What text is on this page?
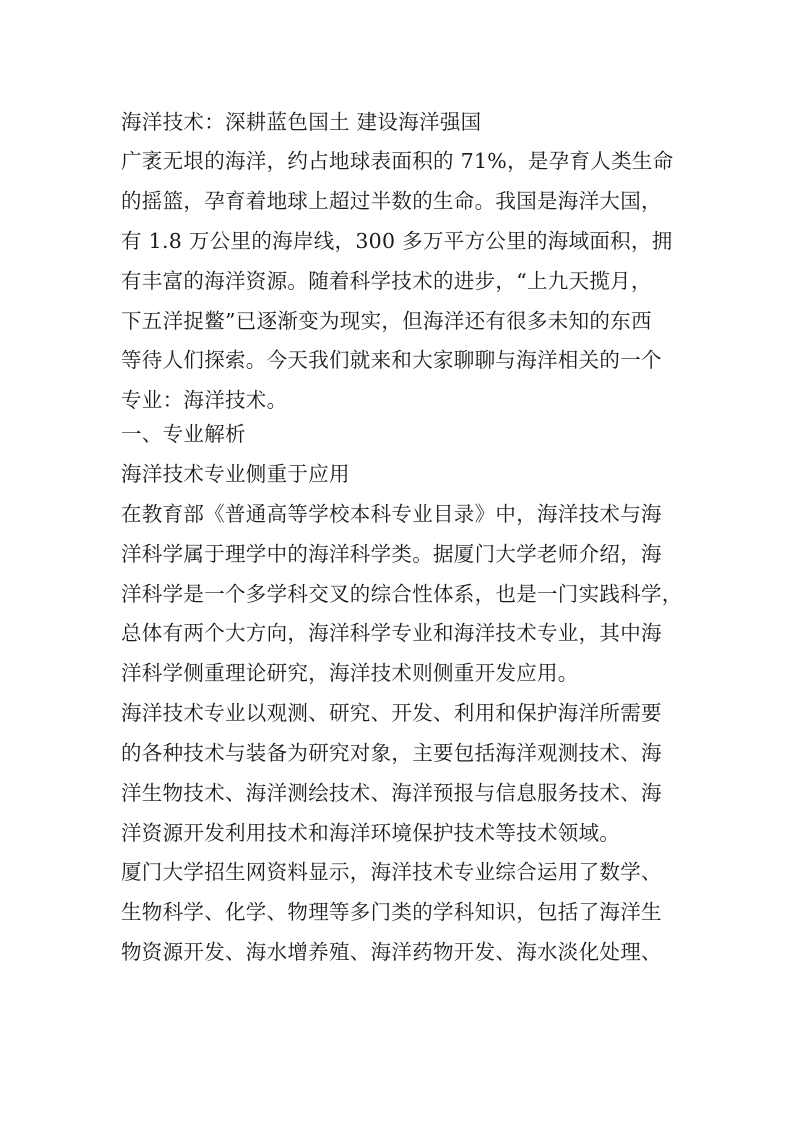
海洋技术：深耕蓝色国土 建设海洋强国
广袤无垠的海洋，约占地球表面积的 71%，是孕育人类生命
的摇篮，孕育着地球上超过半数的生命。我国是海洋大国，
有 1.8 万公里的海岸线，300 多万平方公里的海域面积，拥
有丰富的海洋资源。随着科学技术的进步，“上九天揽月，
下五洋捉鳖”已逐渐变为现实，但海洋还有很多未知的东西
等待人们探索。今天我们就来和大家聊聊与海洋相关的一个
专业：海洋技术。
一、专业解析
海洋技术专业侧重于应用
在教育部《普通高等学校本科专业目录》中，海洋技术与海
洋科学属于理学中的海洋科学类。据厦门大学老师介绍，海
洋科学是一个多学科交叉的综合性体系，也是一门实践科学，
总体有两个大方向，海洋科学专业和海洋技术专业，其中海
洋科学侧重理论研究，海洋技术则侧重开发应用。
海洋技术专业以观测、研究、开发、利用和保护海洋所需要
的各种技术与装备为研究对象，主要包括海洋观测技术、海
洋生物技术、海洋测绘技术、海洋预报与信息服务技术、海
洋资源开发利用技术和海洋环境保护技术等技术领域。
厦门大学招生网资料显示，海洋技术专业综合运用了数学、
生物科学、化学、物理等多门类的学科知识，包括了海洋生
物资源开发、海水增养殖、海洋药物开发、海水淡化处理、
